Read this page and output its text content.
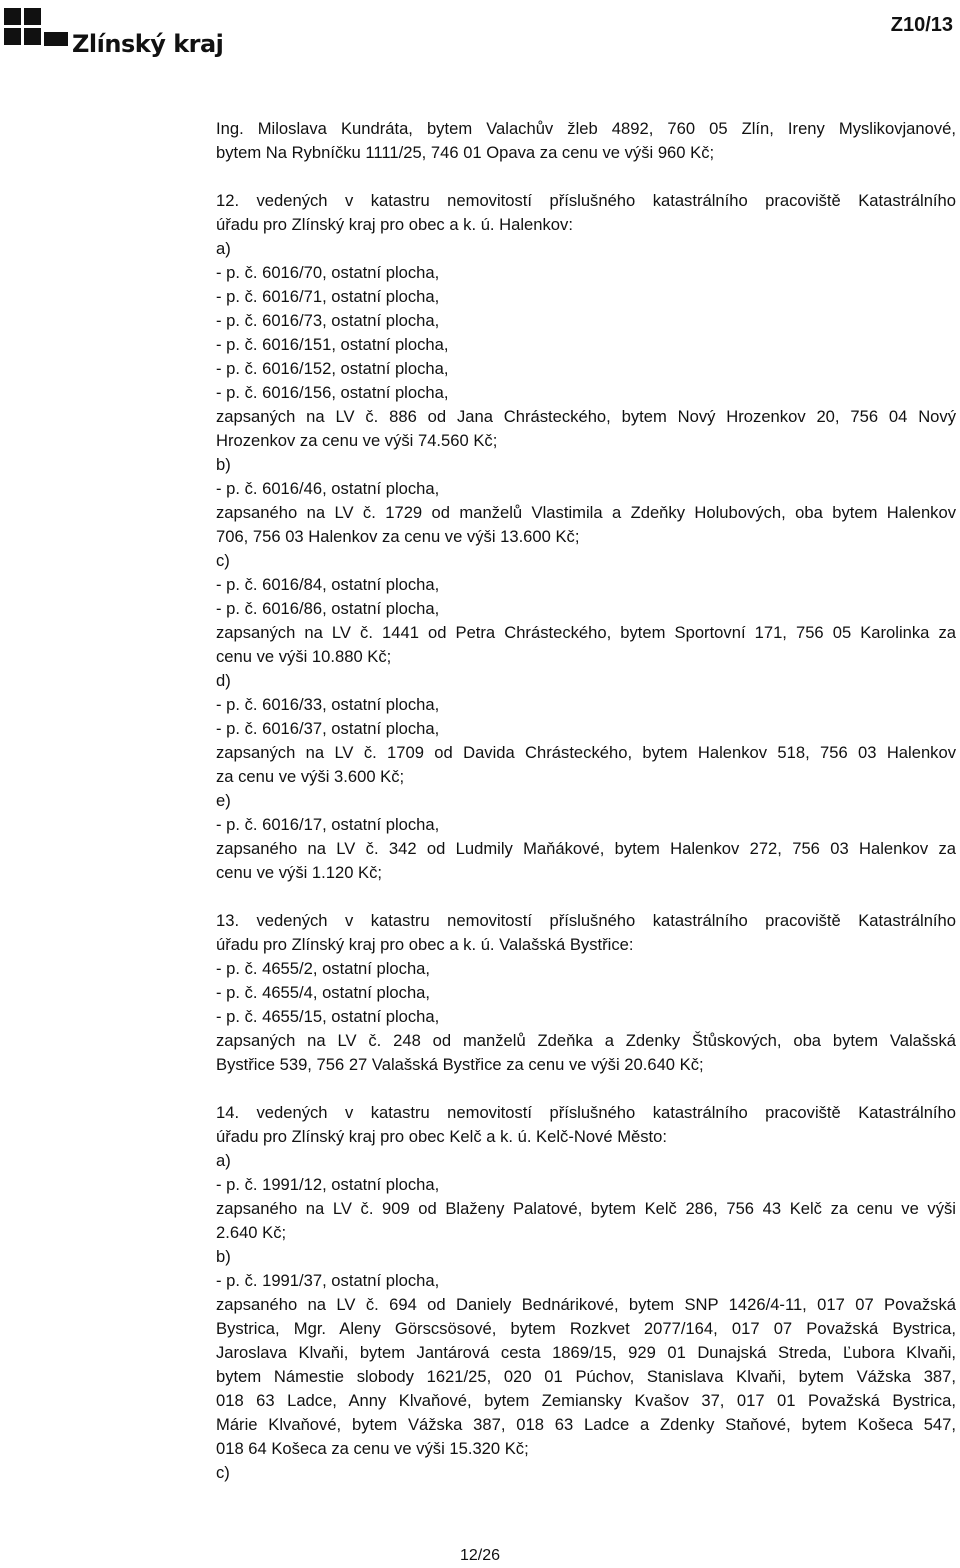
Zlínský kraj
Z10/13
Ing. Miloslava Kundráta, bytem Valachův žleb 4892, 760 05 Zlín, Ireny Myslikovjanové,
bytem Na Rybníčku 1111/25, 746 01 Opava za cenu ve výši 960 Kč;
12. vedených v katastru nemovitostí příslušného katastrálního pracoviště Katastrálního
úřadu pro Zlínský kraj pro obec a k. ú. Halenkov:
a)
- p. č. 6016/70, ostatní plocha,
- p. č. 6016/71, ostatní plocha,
- p. č. 6016/73, ostatní plocha,
- p. č. 6016/151, ostatní plocha,
- p. č. 6016/152, ostatní plocha,
- p. č. 6016/156, ostatní plocha,
zapsaných na LV č. 886 od Jana Chrásteckého, bytem Nový Hrozenkov 20, 756 04 Nový
Hrozenkov za cenu ve výši 74.560 Kč;
b)
- p. č. 6016/46, ostatní plocha,
zapsaného na LV č. 1729 od manželů Vlastimila a Zdeňky Holubových, oba bytem Halenkov
706, 756 03 Halenkov za cenu ve výši 13.600 Kč;
c)
- p. č. 6016/84, ostatní plocha,
- p. č. 6016/86, ostatní plocha,
zapsaných na LV č. 1441 od Petra Chrásteckého, bytem Sportovní 171, 756 05 Karolinka za
cenu ve výši 10.880 Kč;
d)
- p. č. 6016/33, ostatní plocha,
- p. č. 6016/37, ostatní plocha,
zapsaných na LV č. 1709 od Davida Chrásteckého, bytem Halenkov 518, 756 03 Halenkov
za cenu ve výši 3.600 Kč;
e)
- p. č. 6016/17, ostatní plocha,
zapsaného na LV č. 342 od Ludmily Maňákové, bytem Halenkov 272, 756 03 Halenkov za
cenu ve výši 1.120 Kč;
13. vedených v katastru nemovitostí příslušného katastrálního pracoviště Katastrálního
úřadu pro Zlínský kraj pro obec a k. ú. Valašská Bystřice:
- p. č. 4655/2, ostatní plocha,
- p. č. 4655/4, ostatní plocha,
- p. č. 4655/15, ostatní plocha,
zapsaných na LV č. 248 od manželů Zdeňka a Zdenky Štůskových, oba bytem Valašská
Bystřice 539, 756 27 Valašská Bystřice za cenu ve výši 20.640 Kč;
14. vedených v katastru nemovitostí příslušného katastrálního pracoviště Katastrálního
úřadu pro Zlínský kraj pro obec Kelč a k. ú. Kelč-Nové Město:
a)
- p. č. 1991/12, ostatní plocha,
zapsaného na LV č. 909 od Blaženy Palatové, bytem Kelč 286, 756 43 Kelč za cenu ve výši
2.640 Kč;
b)
- p. č. 1991/37, ostatní plocha,
zapsaného na LV č. 694 od Daniely Bednárikové, bytem SNP 1426/4-11, 017 07 Považská
Bystrica, Mgr. Aleny Görscsösové, bytem Rozkvet 2077/164, 017 07 Považská Bystrica,
Jaroslava Klvaňi, bytem Jantárová cesta 1869/15, 929 01 Dunajská Streda, Ľubora Klvaňi,
bytem Námestie slobody 1621/25, 020 01 Púchov, Stanislava Klvaňi, bytem Vážska 387,
018 63 Ladce, Anny Klvaňové, bytem Zemiansky Kvašov 37, 017 01 Považská Bystrica,
Márie Klvaňové, bytem Vážska 387, 018 63 Ladce a Zdenky Staňové, bytem Košeca 547,
018 64 Košeca za cenu ve výši 15.320 Kč;
c)
12/26
